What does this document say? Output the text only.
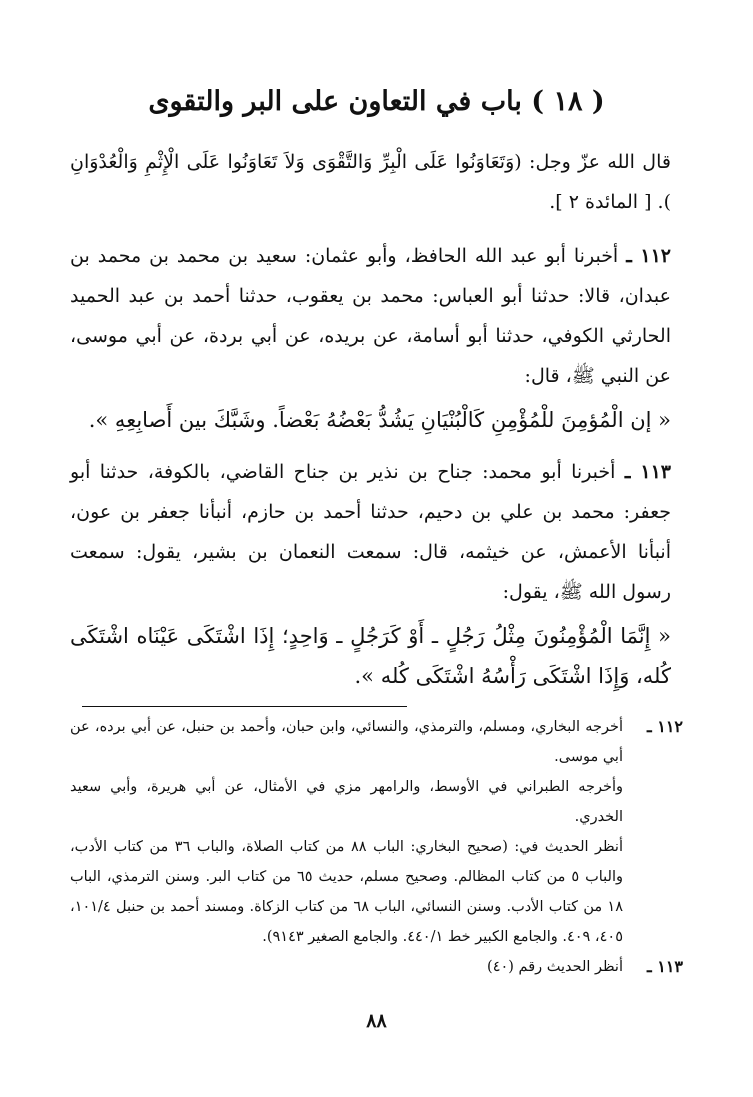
( ١٨ ) باب في التعاون على البر والتقوى

قال الله عزّ وجل: (وَتَعَاوَنُوا عَلَى الْبِرِّ وَالتَّقْوَى وَلاَ تَعَاوَنُوا عَلَى الْإِثْمِ وَالْعُدْوَانِ ). [ المائدة ٢ ].

١١٢ ـ أخبرنا أبو عبد الله الحافظ، وأبو عثمان: سعيد بن محمد بن محمد بن عبدان، قالا: حدثنا أبو العباس: محمد بن يعقوب، حدثنا أحمد بن عبد الحميد الحارثي الكوفي، حدثنا أبو أسامة، عن بريده، عن أبي بردة، عن أبي موسى، عن النبي ﷺ، قال:

« إن الْمُؤمِنَ للْمُؤْمِنِ كَالْبُنْيَانِ يَشُدُّ بَعْضُهُ بَعْضاً. وشَبَّكَ بين أَصابِعِهِ ».

١١٣ ـ أخبرنا أبو محمد: جناح بن نذير بن جناح القاضي، بالكوفة، حدثنا أبو جعفر: محمد بن علي بن دحيم، حدثنا أحمد بن حازم، أنبأنا جعفر بن عون، أنبأنا الأعمش، عن خيثمه، قال: سمعت النعمان بن بشير، يقول: سمعت رسول الله ﷺ، يقول:

« إِنَّمَا الْمُؤْمِنُونَ مِثْلُ رَجُلٍ ـ أَوْ كَرَجُلٍ ـ وَاحِدٍ؛ إِذَا اشْتَكَى عَيْنَاه اشْتَكَى كُله، وَإِذَا اشْتَكَى رَأْسُهُ اشْتَكَى كُله ».

١١٢ ـ

أخرجه البخاري، ومسلم، والترمذي، والنسائي، وابن حبان، وأحمد بن حنبل، عن أبي برده، عن أبي موسى.

وأخرجه الطبراني في الأوسط، والرامهر مزي في الأمثال، عن أبي هريرة، وأبي سعيد الخدري.

أنظر الحديث في: (صحيح البخاري: الباب ٨٨ من كتاب الصلاة، والباب ٣٦ من كتاب الأدب، والباب ٥ من كتاب المظالم. وصحيح مسلم، حديث ٦٥ من كتاب البر. وسنن الترمذي، الباب ١٨ من كتاب الأدب. وسنن النسائي، الباب ٦٨ من كتاب الزكاة. ومسند أحمد بن حنبل ١٠١/٤، ٤٠٥، ٤٠٩. والجامع الكبير خط ٤٤٠/١. والجامع الصغير ٩١٤٣).

١١٣ ـ

أنظر الحديث رقم (٤٠)

٨٨
